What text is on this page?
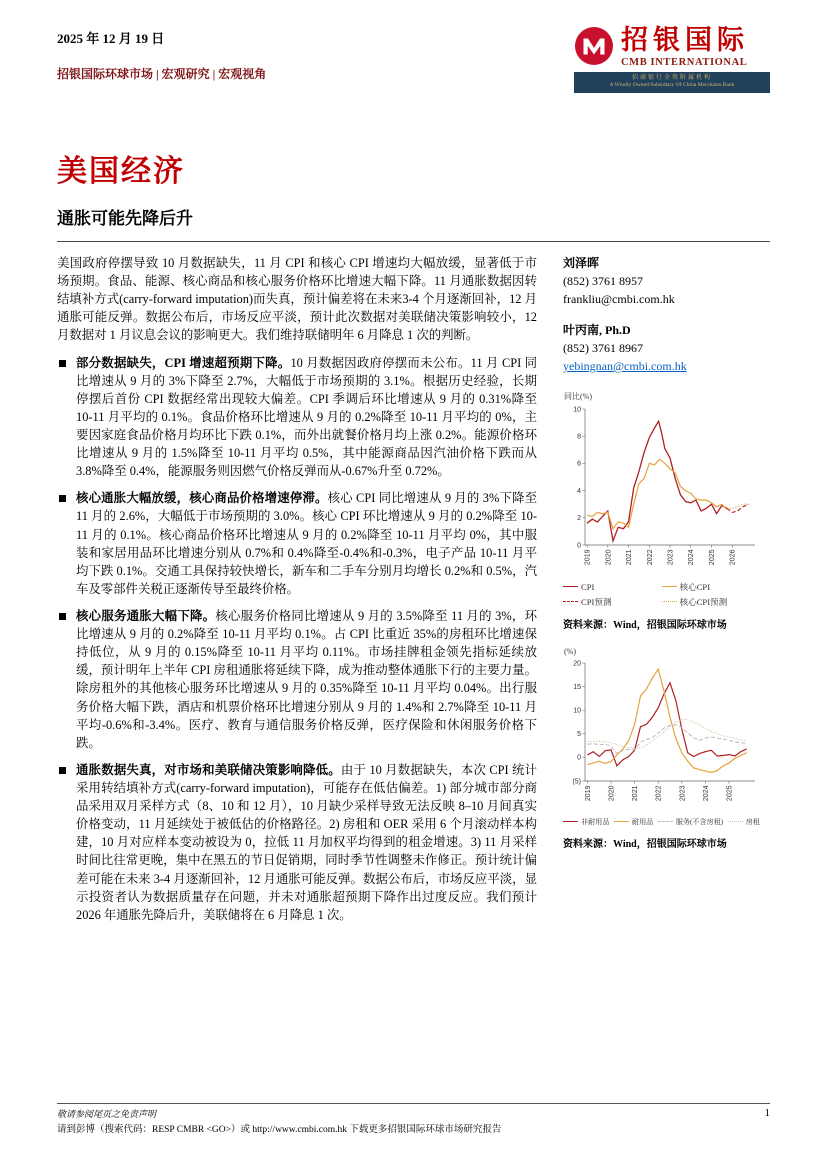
2025 年 12 月 19 日
招银国际环球市场 | 宏观研究 | 宏观视角
招银国际
CMB INTERNATIONAL
招商银行全资附属机构
A Wholly Owned Subsidiary Of China Merchants Bank
美国经济
通胀可能先降后升

美国政府停摆导致 10 月数据缺失，11 月 CPI 和核心 CPI 增速均大幅放缓，显著低于市场预期。食品、能源、核心商品和核心服务价格环比增速大幅下降。11 月通胀数据因转结填补方式(carry-forward imputation)而失真，预计偏差将在未来3-4 个月逐渐回补，12 月通胀可能反弹。数据公布后，市场反应平淡，预计此次数据对美联储决策影响较小，12 月数据对 1 月议息会议的影响更大。我们维持联储明年 6 月降息 1 次的判断。

部分数据缺失，CPI 增速超预期下降。10 月数据因政府停摆而未公布。11 月 CPI 同比增速从 9 月的 3%下降至 2.7%，大幅低于市场预期的 3.1%。根据历史经验，长期停摆后首份 CPI 数据经常出现较大偏差。CPI 季调后环比增速从 9 月的 0.31%降至 10-11 月平均的 0.1%。食品价格环比增速从 9 月的 0.2%降至 10-11 月平均的 0%，主要因家庭食品价格月均环比下跌 0.1%，而外出就餐价格月均上涨 0.2%。能源价格环比增速从 9 月的 1.5%降至 10-11 月平均 0.5%，其中能源商品因汽油价格下跌而从 3.8%降至 0.4%，能源服务则因燃气价格反弹而从-0.67%升至 0.72%。

核心通胀大幅放缓，核心商品价格增速停滞。核心 CPI 同比增速从 9 月的 3%下降至 11 月的 2.6%，大幅低于市场预期的 3.0%。核心 CPI 环比增速从 9 月的 0.2%降至 10-11 月的 0.1%。核心商品价格环比增速从 9 月的 0.2%降至 10-11 月平均 0%，其中服装和家居用品环比增速分别从 0.7%和 0.4%降至-0.4%和-0.3%，电子产品 10-11 月平均下跌 0.1%。交通工具保持较快增长，新车和二手车分别月均增长 0.2%和 0.5%，汽车及零部件关税正逐渐传导至最终价格。

核心服务通胀大幅下降。核心服务价格同比增速从 9 月的 3.5%降至 11 月的 3%，环比增速从 9 月的 0.2%降至 10-11 月平均 0.1%。占 CPI 比重近 35%的房租环比增速保持低位，从 9 月的 0.15%降至 10-11 月平均 0.11%。市场挂牌租金领先指标延续放缓，预计明年上半年 CPI 房租通胀将延续下降，成为推动整体通胀下行的主要力量。除房租外的其他核心服务环比增速从 9 月的 0.35%降至 10-11 月平均 0.04%。出行服务价格大幅下跌，酒店和机票价格环比增速分别从 9 月的 1.4%和 2.7%降至 10-11 月平均-0.6%和-3.4%。医疗、教育与通信服务价格反弹，医疗保险和休闲服务价格下跌。

通胀数据失真，对市场和美联储决策影响降低。由于 10 月数据缺失，本次 CPI 统计采用转结填补方式(carry-forward imputation)，可能存在低估偏差。1) 部分城市部分商品采用双月采样方式（8、10 和 12 月），10 月缺少采样导致无法反映 8–10 月间真实价格变动，11 月延续处于被低估的价格路径。2) 房租和 OER 采用 6 个月滚动样本构建，10 月对应样本变动被设为 0，拉低 11 月加权平均得到的租金增速。3) 11 月采样时间比往常更晚，集中在黑五的节日促销期，同时季节性调整未作修正。预计统计偏差可能在未来 3-4 月逐渐回补，12 月通胀可能反弹。数据公布后，市场反应平淡，显示投资者认为数据质量存在问题，并未对通胀超预期下降作出过度反应。我们预计 2026 年通胀先降后升，美联储将在 6 月降息 1 次。

刘泽晖
(852) 3761 8957
frankliu@cmbi.com.hk
叶丙南, Ph.D
(852) 3761 8967
yebingnan@cmbi.com.hk
同比(%)
0
2
4
6
8
10
2019 2020 2021 2022 2023 2024 2025 2026
CPI	核心CPI
CPI预测	核心CPI预测
资料来源：Wind，招银国际环球市场
(%)
20
15
10
5
0
(5)
2019 2020 2021 2022 2023 2024 2025
非耐用品	耐用品	服务(不含房租)	房租
资料来源：Wind，招银国际环球市场
敬请参阅尾页之免责声明	1
请到彭博（搜索代码：RESP CMBR <GO>）或 http://www.cmbi.com.hk 下载更多招银国际环球市场研究报告
